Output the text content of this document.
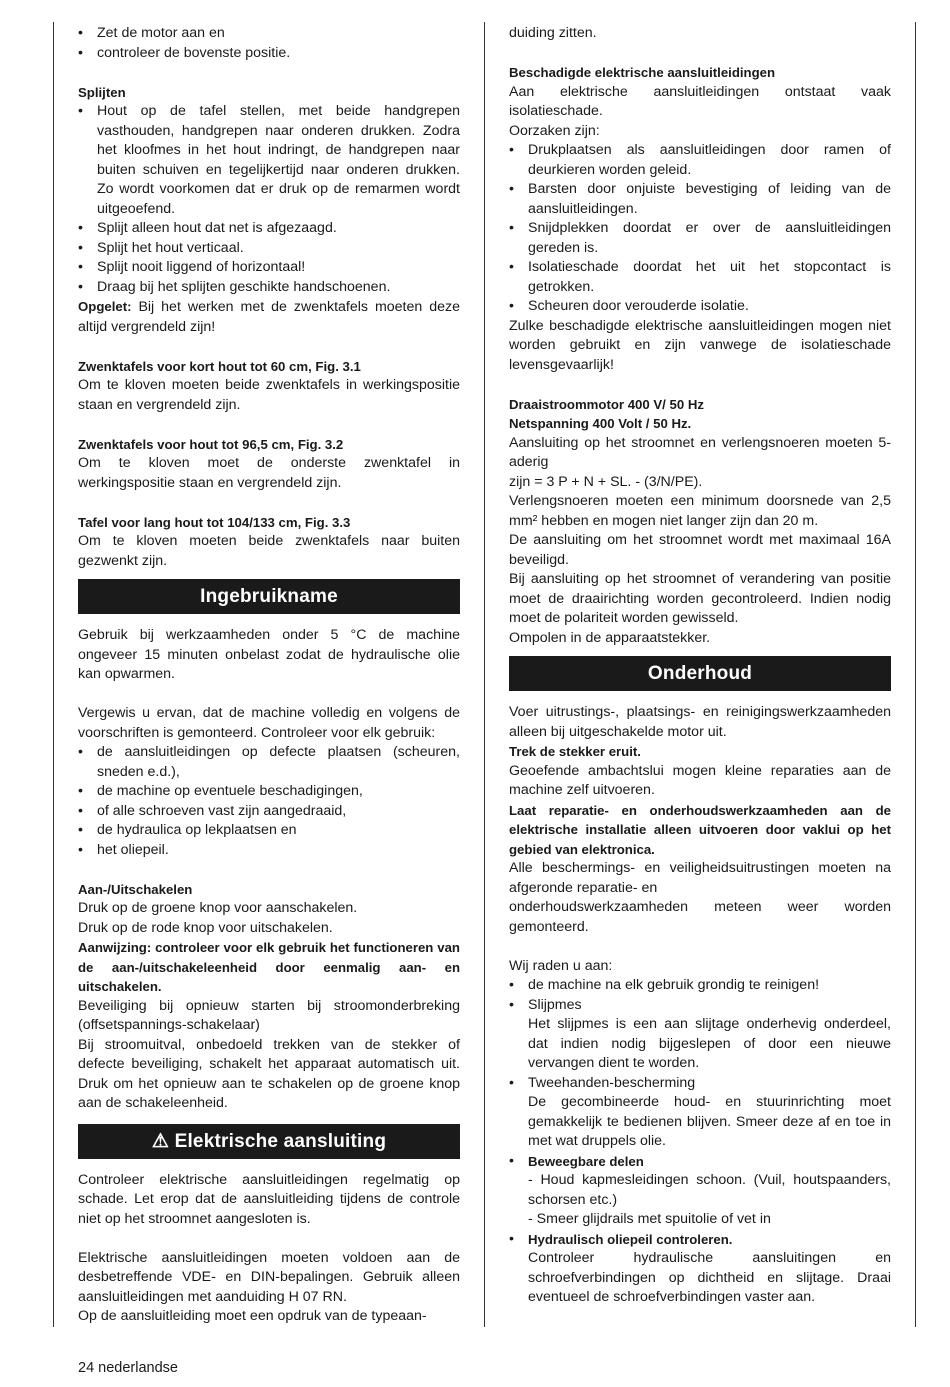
• Zet de motor aan en
• controleer de bovenste positie.

Splijten

• Hout op de tafel stellen, met beide handgrepen vasthouden, handgrepen naar onderen drukken. Zodra het kloofmes in het hout indringt, de handgrepen naar buiten schuiven en tegelijkertijd naar onderen drukken. Zo wordt voorkomen dat er druk op de remarmen wordt uitgeoefend.
• Splijt alleen hout dat net is afgezaagd.
• Splijt het hout verticaal.
• Splijt nooit liggend of horizontaal!
• Draag bij het splijten geschikte handschoenen.

Opgelet: Bij het werken met de zwenktafels moeten deze altijd vergrendeld zijn!

Zwenktafels voor kort hout tot 60 cm, Fig. 3.1

Om te kloven moeten beide zwenktafels in werkingspositie staan en vergrendeld zijn.

Zwenktafels voor hout tot 96,5 cm, Fig. 3.2

Om te kloven moet de onderste zwenktafel in werkingspositie staan en vergrendeld zijn.

Tafel voor lang hout tot 104/133 cm, Fig. 3.3

Om te kloven moeten beide zwenktafels naar buiten gezwenkt zijn.

Ingebruikname

Gebruik bij werkzaamheden onder 5 °C de machine ongeveer 15 minuten onbelast zodat de hydraulische olie kan opwarmen.

Vergewis u ervan, dat de machine volledig en volgens de voorschriften is gemonteerd. Controleer voor elk gebruik:

• de aansluitleidingen op defecte plaatsen (scheuren, sneden e.d.),
• de machine op eventuele beschadigingen,
• of alle schroeven vast zijn aangedraaid,
• de hydraulica op lekplaatsen en
• het oliepeil.

Aan-/Uitschakelen

Druk op de groene knop voor aanschakelen.

Druk op de rode knop voor uitschakelen.

Aanwijzing: controleer voor elk gebruik het functioneren van de aan-/uitschakeleenheid door eenmalig aan- en uitschakelen.

Beveiliging bij opnieuw starten bij stroomonderbreking (offsetspannings-schakelaar)

Bij stroomuitval, onbedoeld trekken van de stekker of defecte beveiliging, schakelt het apparaat automatisch uit. Druk om het opnieuw aan te schakelen op de groene knop aan de schakeleenheid.

⚠ Elektrische aansluiting

Controleer elektrische aansluitleidingen regelmatig op schade. Let erop dat de aansluitleiding tijdens de controle niet op het stroomnet aangesloten is.

Elektrische aansluitleidingen moeten voldoen aan de desbetreffende VDE- en DIN-bepalingen. Gebruik alleen aansluitleidingen met aanduiding H 07 RN.

Op de aansluitleiding moet een opdruk van de typeaan-

duiding zitten.

Beschadigde elektrische aansluitleidingen

Aan elektrische aansluitleidingen ontstaat vaak isolatieschade.

Oorzaken zijn:

• Drukplaatsen als aansluitleidingen door ramen of deurkieren worden geleid.
• Barsten door onjuiste bevestiging of leiding van de aansluitleidingen.
• Snijdplekken doordat er over de aansluitleidingen gereden is.
• Isolatieschade doordat het uit het stopcontact is getrokken.
• Scheuren door verouderde isolatie.

Zulke beschadigde elektrische aansluitleidingen mogen niet worden gebruikt en zijn vanwege de isolatieschade levensgevaarlijk!

Draaistroommotor 400 V/ 50 Hz

Netspanning 400 Volt / 50 Hz.

Aansluiting op het stroomnet en verlengsnoeren moeten 5-aderig

zijn = 3 P + N + SL. - (3/N/PE).

Verlengsnoeren moeten een minimum doorsnede van 2,5 mm² hebben en mogen niet langer zijn dan 20 m.

De aansluiting om het stroomnet wordt met maximaal 16A beveiligd.

Bij aansluiting op het stroomnet of verandering van positie moet de draairichting worden gecontroleerd. Indien nodig moet de polariteit worden gewisseld.

Ompolen in de apparaatstekker.

Onderhoud

Voer uitrustings-, plaatsings- en reinigingswerkzaamheden alleen bij uitgeschakelde motor uit.

Trek de stekker eruit.

Geoefende ambachtslui mogen kleine reparaties aan de machine zelf uitvoeren.

Laat reparatie- en onderhoudswerkzaamheden aan de elektrische installatie alleen uitvoeren door vaklui op het gebied van elektronica.

Alle beschermings- en veiligheidsuitrustingen moeten na afgeronde reparatie- en

onderhoudswerkzaamheden meteen weer worden gemonteerd.

Wij raden u aan:

• de machine na elk gebruik grondig te reinigen!
• Slijpmes
Het slijpmes is een aan slijtage onderhevig onderdeel, dat indien nodig bijgeslepen of door een nieuwe vervangen dient te worden.
• Tweehanden-bescherming
De gecombineerde houd- en stuurinrichting moet gemakkelijk te bedienen blijven. Smeer deze af en toe in met wat druppels olie.
• Beweegbare delen
- Houd kapmesleidingen schoon. (Vuil, houtspaanders, schorsen etc.)
- Smeer glijdrails met spuitolie of vet in
• Hydraulisch oliepeil controleren.
Controleer hydraulische aansluitingen en schroefverbindingen op dichtheid en slijtage. Draai eventueel de schroefverbindingen vaster aan.
24 nederlandse
